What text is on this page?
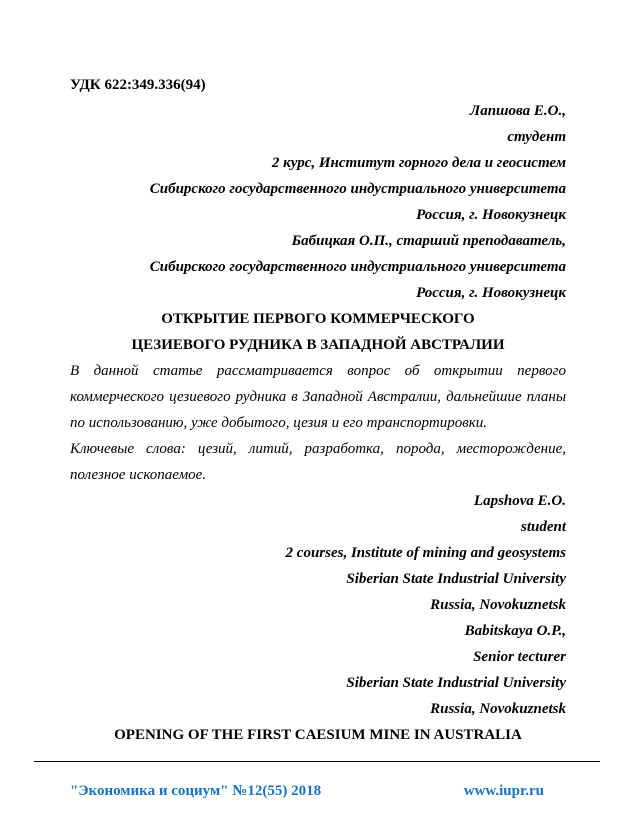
УДК 622:349.336(94)
Лапшова Е.О.,
студент
2 курс, Институт горного дела и геосистем
Сибирского государственного индустриального университета
Россия, г. Новокузнецк
Бабицкая О.П., старший преподаватель,
Сибирского государственного индустриального университета
Россия, г. Новокузнецк
ОТКРЫТИЕ ПЕРВОГО КОММЕРЧЕСКОГО ЦЕЗИЕВОГО РУДНИКА В ЗАПАДНОЙ АВСТРАЛИИ
В данной статье рассматривается вопрос об открытии первого коммерческого цезиевого рудника в Западной Австралии, дальнейшие планы по использованию, уже добытого, цезия и его транспортировки.
Ключевые слова: цезий, литий, разработка, порода, месторождение, полезное ископаемое.
Lapshova E.O.
student
2 courses, Institute of mining and geosystems
Siberian State Industrial University
Russia, Novokuznetsk
Babitskaya O.P.,
Senior tecturer
Siberian State Industrial University
Russia, Novokuznetsk
OPENING OF THE FIRST CAESIUM MINE IN AUSTRALIA
"Экономика и социум" №12(55) 2018	www.iupr.ru
